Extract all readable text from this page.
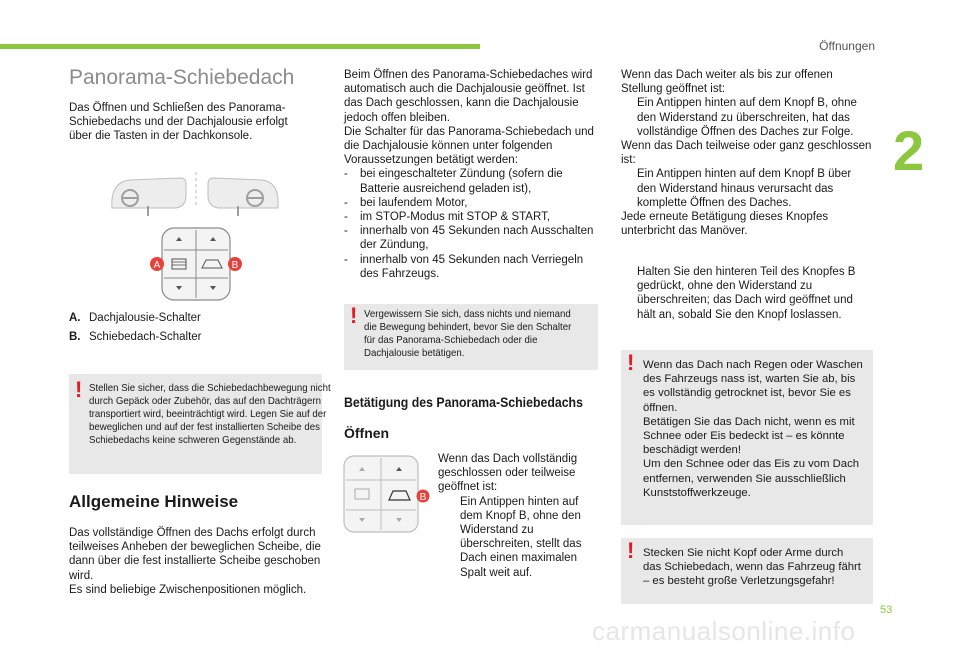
Öffnungen
2
53
carmanualsonline.info
Panorama-Schiebedach

Das Öffnen und Schließen des Panorama-Schiebedachs und der Dachjalousie erfolgt über die Tasten in der Dachkonsole.

A	B
A. Dachjalousie-Schalter
B. Schiebedach-Schalter
! Stellen Sie sicher, dass die Schiebedachbewegung nicht durch Gepäck oder Zubehör, das auf den Dachträgern transportiert wird, beeinträchtigt wird. Legen Sie auf der beweglichen und auf der fest installierten Scheibe des Schiebedachs keine schweren Gegenstände ab.

Allgemeine Hinweise

Das vollständige Öffnen des Dachs erfolgt durch teilweises Anheben der beweglichen Scheibe, die dann über die fest installierte Scheibe geschoben wird.

Es sind beliebige Zwischenpositionen möglich.

Beim Öffnen des Panorama-Schiebedaches wird automatisch auch die Dachjalousie geöffnet. Ist das Dach geschlossen, kann die Dachjalousie jedoch offen bleiben.

Die Schalter für das Panorama-Schiebedach und die Dachjalousie können unter folgenden Voraussetzungen betätigt werden:

- bei eingeschalteter Zündung (sofern die Batterie ausreichend geladen ist),

- bei laufendem Motor,

- im STOP-Modus mit STOP & START,

- innerhalb von 45 Sekunden nach Ausschalten der Zündung,

- innerhalb von 45 Sekunden nach Verriegeln des Fahrzeugs.

! Vergewissern Sie sich, dass nichts und niemand die Bewegung behindert, bevor Sie den Schalter für das Panorama-Schiebedach oder die Dachjalousie betätigen.

Betätigung des Panorama-Schiebedachs
Öffnen
B

Wenn das Dach vollständig geschlossen oder teilweise geöffnet ist:

Ein Antippen hinten auf dem Knopf B, ohne den Widerstand zu überschreiten, stellt das Dach einen maximalen Spalt weit auf.

Wenn das Dach weiter als bis zur offenen Stellung geöffnet ist:

Ein Antippen hinten auf dem Knopf B, ohne den Widerstand zu überschreiten, hat das vollständige Öffnen des Daches zur Folge.

Wenn das Dach teilweise oder ganz geschlossen ist:

Ein Antippen hinten auf dem Knopf B über den Widerstand hinaus verursacht das komplette Öffnen des Daches.

Jede erneute Betätigung dieses Knopfes unterbricht das Manöver.

Halten Sie den hinteren Teil des Knopfes B gedrückt, ohne den Widerstand zu überschreiten; das Dach wird geöffnet und hält an, sobald Sie den Knopf loslassen.

! Wenn das Dach nach Regen oder Waschen des Fahrzeugs nass ist, warten Sie ab, bis es vollständig getrocknet ist, bevor Sie es öffnen.

Betätigen Sie das Dach nicht, wenn es mit Schnee oder Eis bedeckt ist – es könnte beschädigt werden!

Um den Schnee oder das Eis zu vom Dach entfernen, verwenden Sie ausschließlich Kunststoffwerkzeuge.

! Stecken Sie nicht Kopf oder Arme durch das Schiebedach, wenn das Fahrzeug fährt – es besteht große Verletzungsgefahr!
